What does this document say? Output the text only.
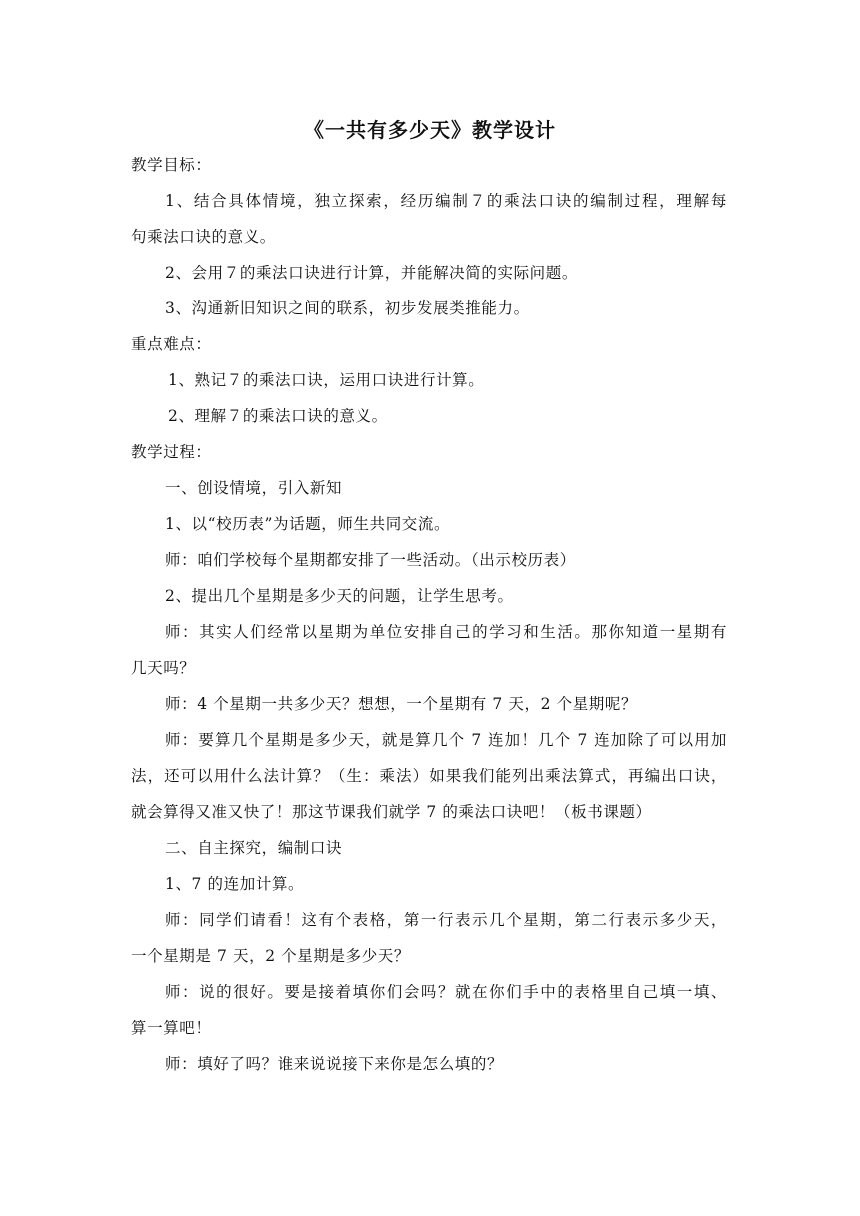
《一共有多少天》教学设计
教学目标：
1、结合具体情境，独立探索，经历编制７的乘法口诀的编制过程，理解每
句乘法口诀的意义。
2、会用７的乘法口诀进行计算，并能解决简的实际问题。
3、沟通新旧知识之间的联系，初步发展类推能力。
重点难点：
1、熟记７的乘法口诀，运用口诀进行计算。
2、理解７的乘法口诀的意义。
教学过程：
一、创设情境，引入新知
1、以“校历表”为话题，师生共同交流。
师：咱们学校每个星期都安排了一些活动。（出示校历表）
2、提出几个星期是多少天的问题，让学生思考。
师：其实人们经常以星期为单位安排自己的学习和生活。那你知道一星期有
几天吗？
师：4 个星期一共多少天？想想，一个星期有 7 天，2 个星期呢？
师：要算几个星期是多少天，就是算几个 7 连加！几个 7 连加除了可以用加
法，还可以用什么法计算？（生：乘法）如果我们能列出乘法算式，再编出口诀，
就会算得又准又快了！那这节课我们就学 7 的乘法口诀吧！（板书课题）
二、自主探究，编制口诀
1、7 的连加计算。
师：同学们请看！这有个表格，第一行表示几个星期，第二行表示多少天，
一个星期是 7 天，2 个星期是多少天？
师：说的很好。要是接着填你们会吗？就在你们手中的表格里自己填一填、
算一算吧！
师：填好了吗？谁来说说接下来你是怎么填的？
